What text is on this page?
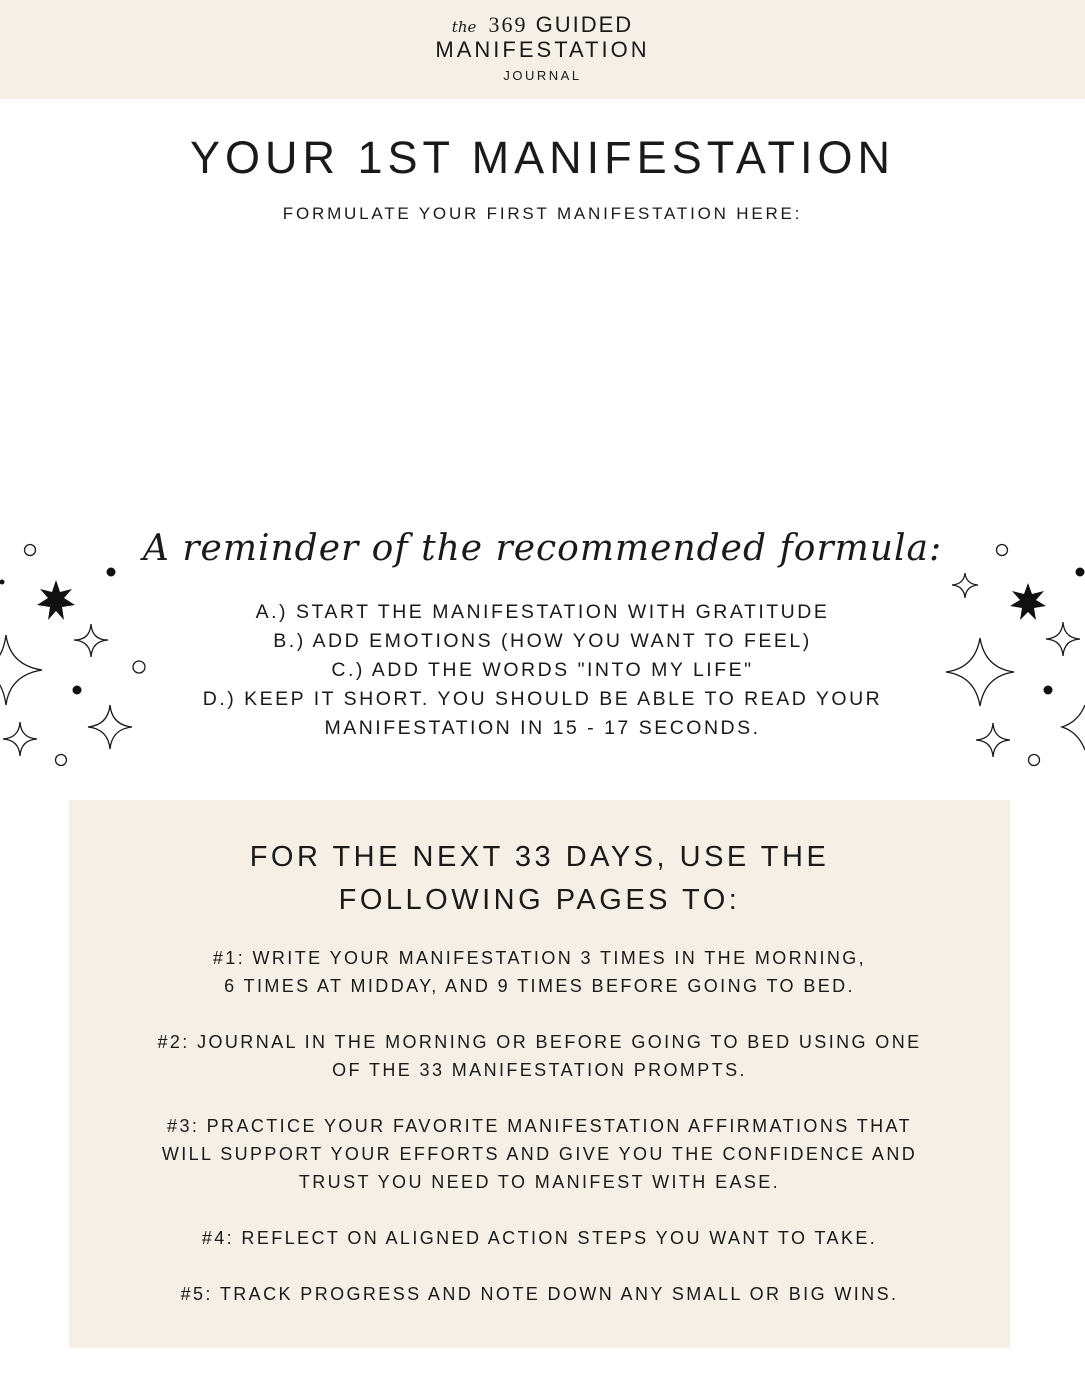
the 369 GUIDED
MANIFESTATION
JOURNAL
YOUR 1ST MANIFESTATION
FORMULATE YOUR FIRST MANIFESTATION HERE:
A reminder of the recommended formula:
A.) START THE MANIFESTATION WITH GRATITUDE
B.) ADD EMOTIONS (HOW YOU WANT TO FEEL)
C.) ADD THE WORDS "INTO MY LIFE"
D.) KEEP IT SHORT. YOU SHOULD BE ABLE TO READ YOUR
MANIFESTATION IN 15 - 17 SECONDS.
FOR THE NEXT 33 DAYS, USE THE
FOLLOWING PAGES TO:
#1: WRITE YOUR MANIFESTATION 3 TIMES IN THE MORNING,
6 TIMES AT MIDDAY, AND 9 TIMES BEFORE GOING TO BED.
#2: JOURNAL IN THE MORNING OR BEFORE GOING TO BED USING ONE
OF THE 33 MANIFESTATION PROMPTS.
#3: PRACTICE YOUR FAVORITE MANIFESTATION AFFIRMATIONS THAT
WILL SUPPORT YOUR EFFORTS AND GIVE YOU THE CONFIDENCE AND
TRUST YOU NEED TO MANIFEST WITH EASE.
#4: REFLECT ON ALIGNED ACTION STEPS YOU WANT TO TAKE.
#5: TRACK PROGRESS AND NOTE DOWN ANY SMALL OR BIG WINS.
